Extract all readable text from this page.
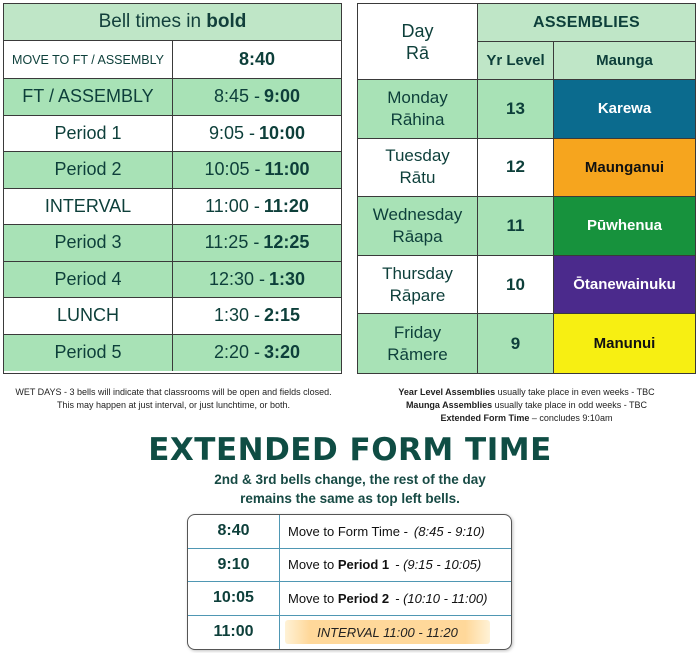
Bell times in
bold
MOVE TO FT / ASSEMBLY	8:40
FT / ASSEMBLY	8:45 - 9:00
Period 1	9:05 - 10:00
Period 2	10:05 - 11:00
INTERVAL	11:00 - 11:20
Period 3	11:25 - 12:25
Period 4	12:30 - 1:30
LUNCH	1:30 - 2:15
Period 5	2:20 - 3:20
WET DAYS - 3 bells will indicate that classrooms will be open and fields closed.
This may happen at just interval, or just lunchtime, or both.
Day
Rā
ASSEMBLIES
Yr Level	Maunga
Monday
Rāhina
13	Karewa
Tuesday
Rātu
12	Maunganui
Wednesday
Rāapa
11	Pūwhenua
Thursday
Rāpare
10	Ōtanewainuku
Friday
Rāmere
9	Manunui
Year Level Assemblies usually take place in even weeks - TBC
Maunga Assemblies usually take place in odd weeks - TBC
Extended Form Time – concludes 9:10am
EXTENDED FORM TIME
2nd & 3rd bells change, the rest of the day
remains the same as top left bells.
8:40	Move to Form Time - (8:45 - 9:10)
9:10	Move to Period 1 - (9:15 - 10:05)
10:05	Move to Period 2 - (10:10 - 11:00)
11:00	INTERVAL 11:00 - 11:20
